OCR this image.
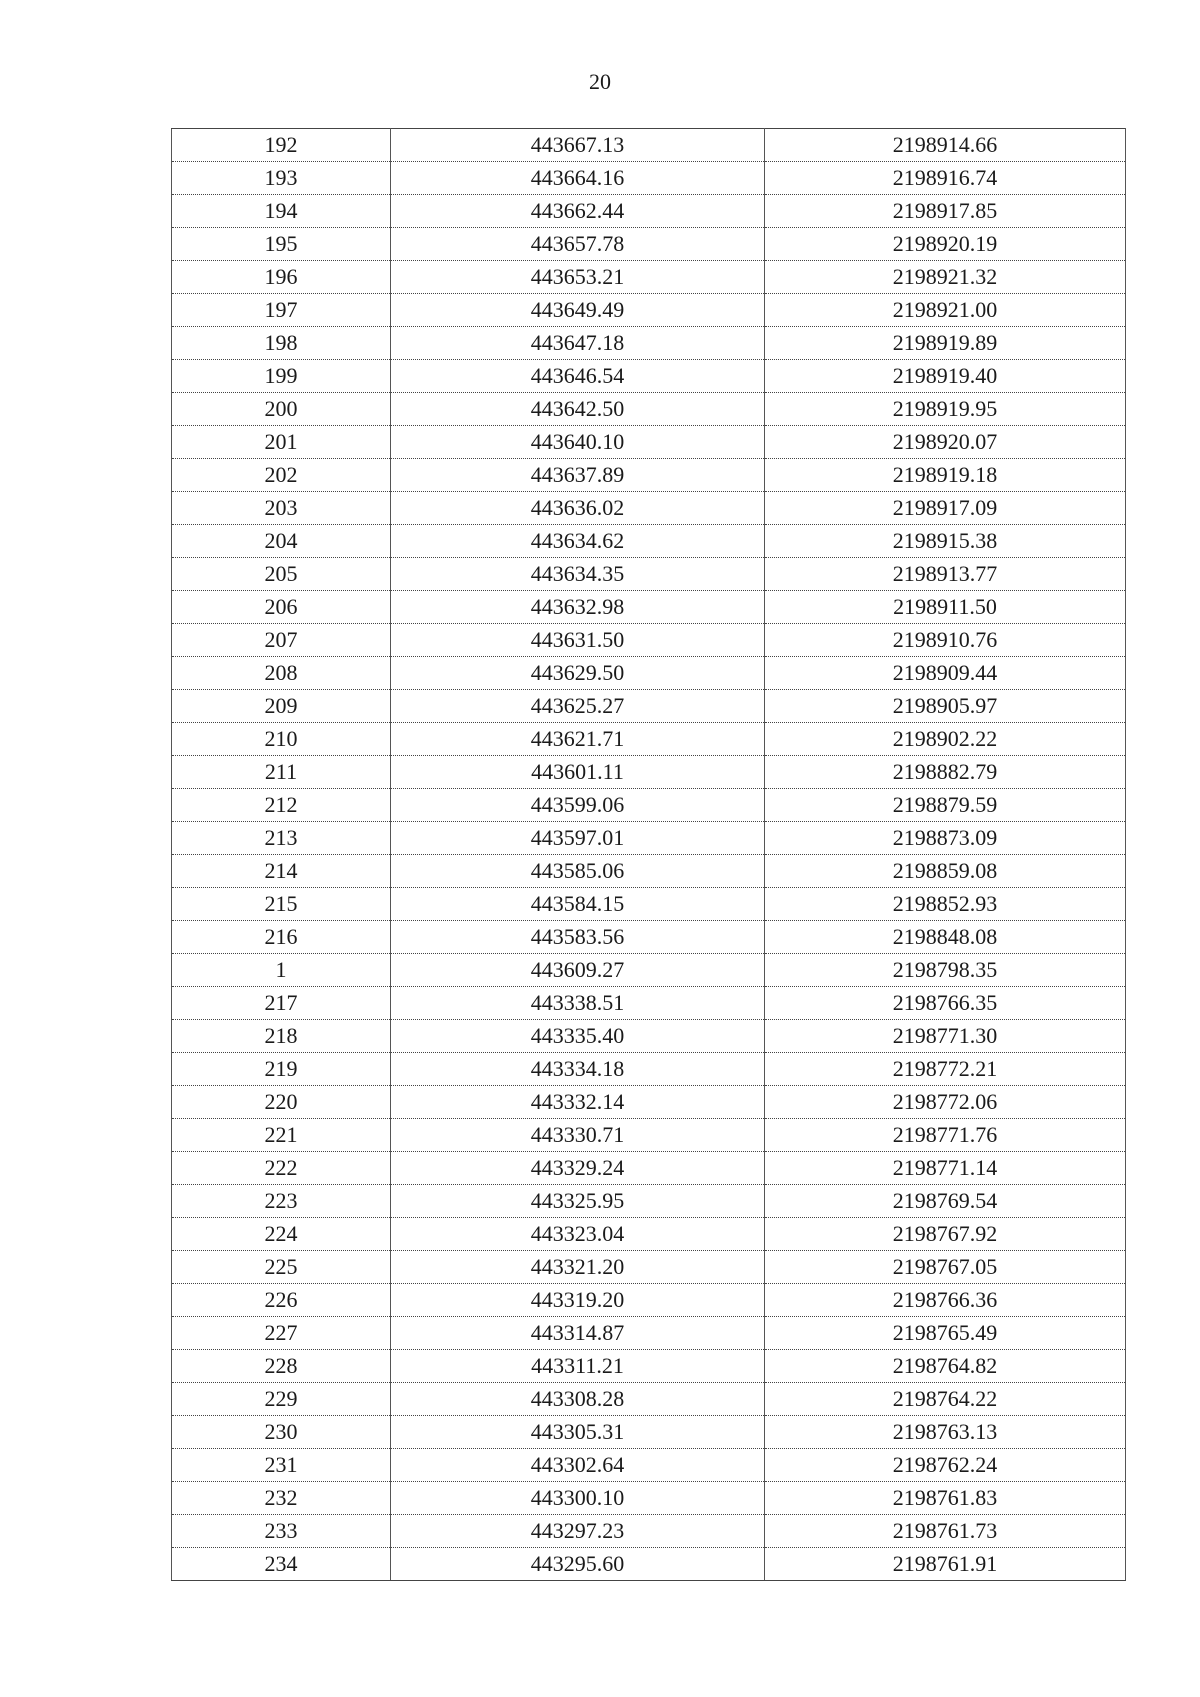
20
192	443667.13	2198914.66
193	443664.16	2198916.74
194	443662.44	2198917.85
195	443657.78	2198920.19
196	443653.21	2198921.32
197	443649.49	2198921.00
198	443647.18	2198919.89
199	443646.54	2198919.40
200	443642.50	2198919.95
201	443640.10	2198920.07
202	443637.89	2198919.18
203	443636.02	2198917.09
204	443634.62	2198915.38
205	443634.35	2198913.77
206	443632.98	2198911.50
207	443631.50	2198910.76
208	443629.50	2198909.44
209	443625.27	2198905.97
210	443621.71	2198902.22
211	443601.11	2198882.79
212	443599.06	2198879.59
213	443597.01	2198873.09
214	443585.06	2198859.08
215	443584.15	2198852.93
216	443583.56	2198848.08
1	443609.27	2198798.35
217	443338.51	2198766.35
218	443335.40	2198771.30
219	443334.18	2198772.21
220	443332.14	2198772.06
221	443330.71	2198771.76
222	443329.24	2198771.14
223	443325.95	2198769.54
224	443323.04	2198767.92
225	443321.20	2198767.05
226	443319.20	2198766.36
227	443314.87	2198765.49
228	443311.21	2198764.82
229	443308.28	2198764.22
230	443305.31	2198763.13
231	443302.64	2198762.24
232	443300.10	2198761.83
233	443297.23	2198761.73
234	443295.60	2198761.91
